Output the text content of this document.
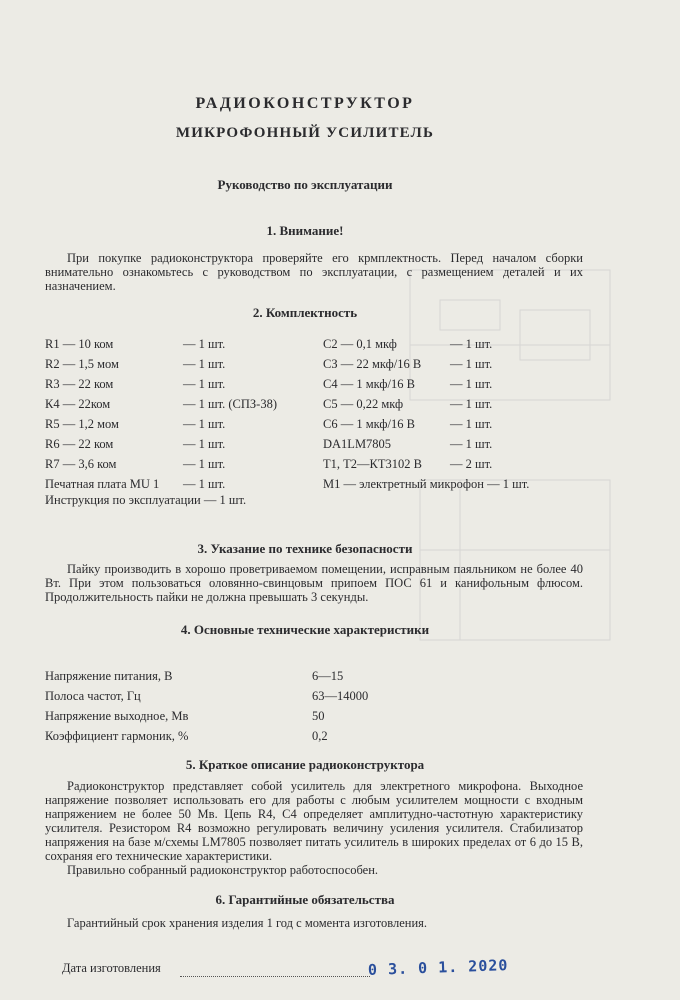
РАДИОКОНСТРУКТОР
МИКРОФОННЫЙ УСИЛИТЕЛЬ
Руководство по эксплуатации
1. Внимание!

При покупке радиоконструктора проверяйте его крмплектность. Перед началом сборки внимательно ознакомьтесь с руководством по эксплуатации, с размещением деталей и их назначением.

2. Комплектность
R1 — 10 ком	— 1 шт.
R2 — 1,5 мом	— 1 шт.
R3 — 22 ком	— 1 шт.
К4 — 22ком	— 1 шт. (СПЗ-38)
R5 — 1,2 мом	— 1 шт.
R6 — 22 ком	— 1 шт.
R7 — 3,6 ком	— 1 шт.
Печатная плата MU 1 — 1 шт.
C2 — 0,1 мкф	— 1 шт.
СЗ — 22 мкф/16 В — 1 шт.
С4 — 1 мкф/16 В	— 1 шт.
С5 — 0,22 мкф	— 1 шт.
С6 — 1 мкф/16 В	— 1 шт.
DA1LM7805	— 1 шт.
Т1, Т2—КТ3102 В — 2 шт.
М1 — электретный микрофон — 1 шт.
Инструкция по эксплуатации — 1 шт.
3. Указание по технике безопасности

Пайку производить в хорошо проветриваемом помещении, исправным паяльником не более 40 Вт. При этом пользоваться оловянно-свинцовым припоем ПОС 61 и канифольным флюсом. Продолжительность пайки не должна превышать 3 секунды.

4. Основные технические характеристики
Напряжение питания, В	6—15
Полоса частот, Гц	63—14000
Напряжение выходное, Мв	50
Коэффициент гармоник, %	0,2
5. Краткое описание радиоконструктора

Радиоконструктор представляет собой усилитель для электретного микрофона. Выходное напряжение позволяет использовать его для работы с любым усилителем мощности с входным напряжением не более 50 Мв. Цепь R4, С4 определяет амплитудно-частотную характеристику усилителя. Резистором R4 возможно регулировать величину усиления усилителя. Стабилизатор напряжения на базе м/схемы LM7805 позволяет питать усилитель в широких пределах от 6 до 15 В, сохраняя его технические характеристики.

Правильно собранный радиоконструктор работоспособен.

6. Гарантийные обязательства

Гарантийный срок хранения изделия 1 год с момента изготовления.

Дата изготовления	0 3. 0 1. 2020
